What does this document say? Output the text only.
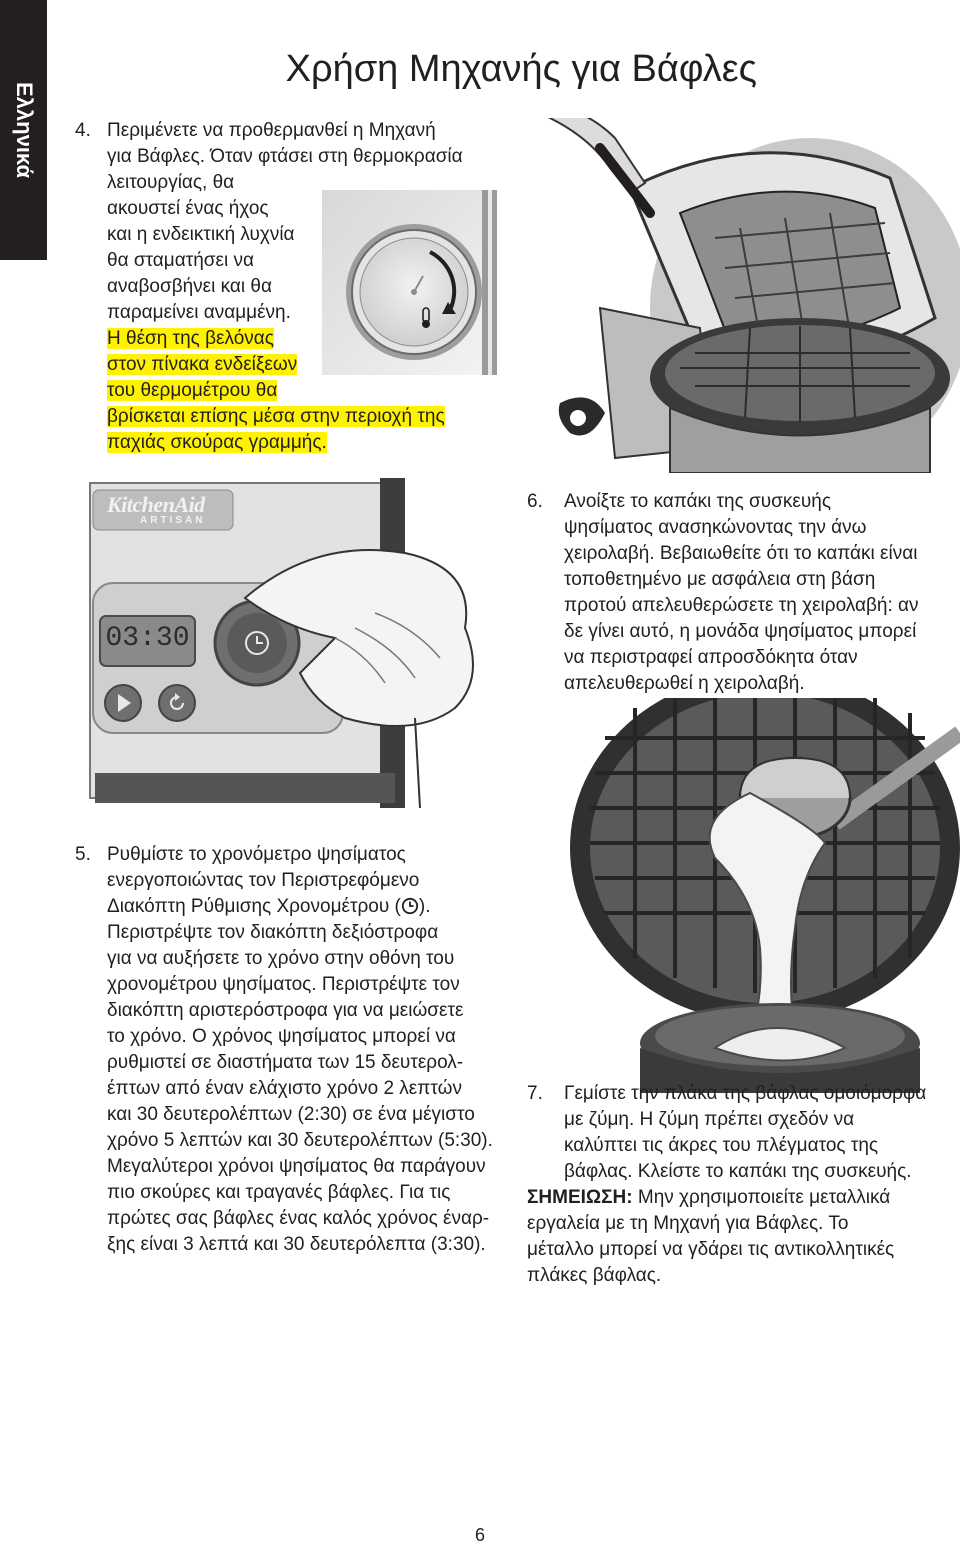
Ελληνικά
Χρήση Μηχανής για Βάφλες
4. Περιμένετε να προθερμανθεί η Μηχανή
για Βάφλες. Όταν φτάσει στη θερμοκρασία
λειτουργίας, θα
ακουστεί ένας ήχος
και η ενδεικτική λυχνία
θα σταματήσει να
αναβοσβήνει και θα
παραμείνει αναμμένη.
Η θέση της βελόνας
στον πίνακα ενδείξεων
του θερμομέτρου θα
βρίσκεται επίσης μέσα στην περιοχή της
παχιάς σκούρας γραμμής.
KitchenAid
ARTISAN
03:30
6. Ανοίξτε το καπάκι της συσκευής
ψησίματος ανασηκώνοντας την άνω
χειρολαβή. Βεβαιωθείτε ότι το καπάκι είναι
τοποθετημένο με ασφάλεια στη βάση
προτού απελευθερώσετε τη χειρολαβή: αν
δε γίνει αυτό, η μονάδα ψησίματος μπορεί
να περιστραφεί απροσδόκητα όταν
απελευθερωθεί η χειρολαβή.
5. Ρυθμίστε το χρονόμετρο ψησίματος
ενεργοποιώντας τον Περιστρεφόμενο
Διακόπτη Ρύθμισης Χρονομέτρου ( ).
Περιστρέψτε τον διακόπτη δεξιόστροφα
για να αυξήσετε το χρόνο στην οθόνη του
χρονομέτρου ψησίματος. Περιστρέψτε τον
διακόπτη αριστερόστροφα για να μειώσετε
το χρόνο. Ο χρόνος ψησίματος μπορεί να
ρυθμιστεί σε διαστήματα των 15 δευτερολ-
έπτων από έναν ελάχιστο χρόνο 2 λεπτών
και 30 δευτερολέπτων (2:30) σε ένα μέγιστο
χρόνο 5 λεπτών και 30 δευτερολέπτων (5:30).
Μεγαλύτεροι χρόνοι ψησίματος θα παράγουν
πιο σκούρες και τραγανές βάφλες. Για τις
πρώτες σας βάφλες ένας καλός χρόνος έναρ-
ξης είναι 3 λεπτά και 30 δευτερόλεπτα (3:30).
7. Γεμίστε την πλάκα της βάφλας ομοιόμορφα
με ζύμη. Η ζύμη πρέπει σχεδόν να
καλύπτει τις άκρες του πλέγματος της
βάφλας. Κλείστε το καπάκι της συσκευής.
ΣΗΜΕΙΩΣΗ: Μην χρησιμοποιείτε μεταλλικά
εργαλεία με τη Μηχανή για Βάφλες. Το
μέταλλο μπορεί να γδάρει τις αντικολλητικές
πλάκες βάφλας.
6
